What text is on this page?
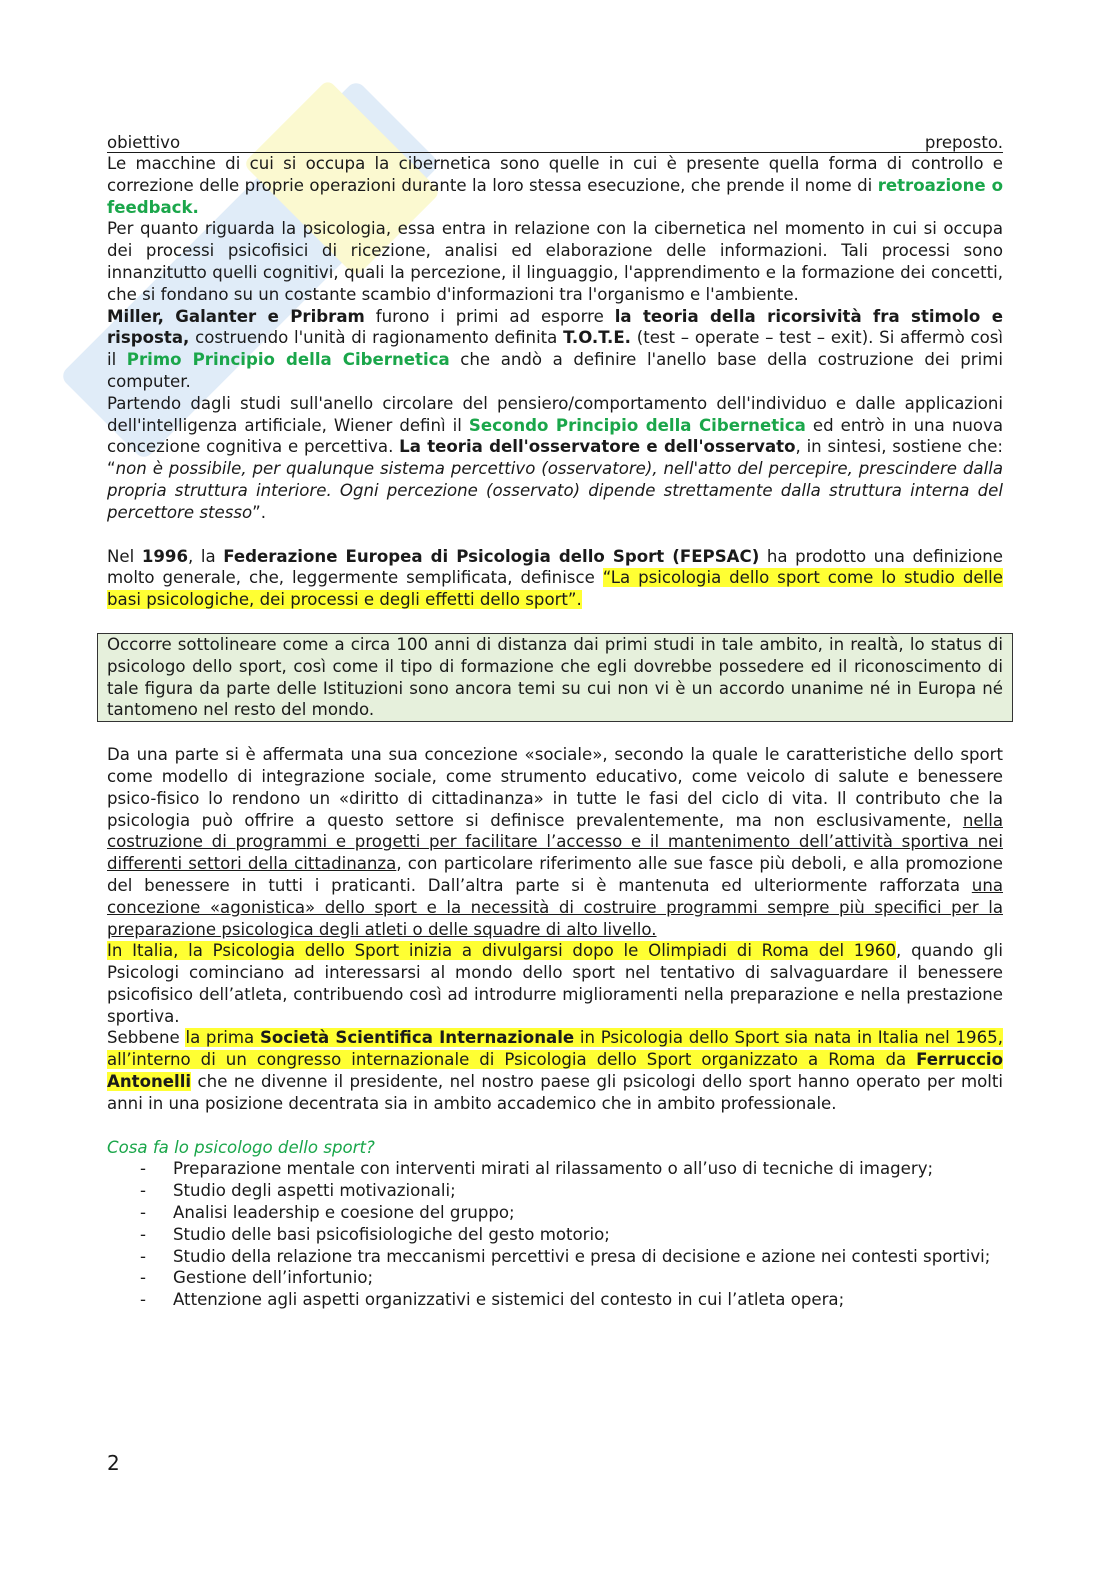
obiettivo	preposto.

Le macchine di cui si occupa la cibernetica sono quelle in cui è presente quella forma di controllo e correzione delle proprie operazioni durante la loro stessa esecuzione, che prende il nome di retroazione o feedback.

Per quanto riguarda la psicologia, essa entra in relazione con la cibernetica nel momento in cui si occupa dei processi psicofisici di ricezione, analisi ed elaborazione delle informazioni. Tali processi sono innanzitutto quelli cognitivi, quali la percezione, il linguaggio, l'apprendimento e la formazione dei concetti, che si fondano su un costante scambio d'informazioni tra l'organismo e l'ambiente.

Miller, Galanter e Pribram furono i primi ad esporre la teoria della ricorsività fra stimolo e risposta, costruendo l'unità di ragionamento definita T.O.T.E. (test – operate – test – exit). Si affermò così il Primo Principio della Cibernetica che andò a definire l'anello base della costruzione dei primi computer.

Partendo dagli studi sull'anello circolare del pensiero/comportamento dell'individuo e dalle applicazioni dell'intelligenza artificiale, Wiener definì il Secondo Principio della Cibernetica ed entrò in una nuova concezione cognitiva e percettiva. La teoria dell'osservatore e dell'osservato, in sintesi, sostiene che: “non è possibile, per qualunque sistema percettivo (osservatore), nell'atto del percepire, prescindere dalla propria struttura interiore. Ogni percezione (osservato) dipende strettamente dalla struttura interna del percettore stesso”.

Nel 1996, la Federazione Europea di Psicologia dello Sport (FEPSAC) ha prodotto una definizione molto generale, che, leggermente semplificata, definisce “La psicologia dello sport come lo studio delle basi psicologiche, dei processi e degli effetti dello sport”.

Occorre sottolineare come a circa 100 anni di distanza dai primi studi in tale ambito, in realtà, lo status di psicologo dello sport, così come il tipo di formazione che egli dovrebbe possedere ed il riconoscimento di tale figura da parte delle Istituzioni sono ancora temi su cui non vi è un accordo unanime né in Europa né tantomeno nel resto del mondo.

Da una parte si è affermata una sua concezione «sociale», secondo la quale le caratteristiche dello sport come modello di integrazione sociale, come strumento educativo, come veicolo di salute e benessere psico-fisico lo rendono un «diritto di cittadinanza» in tutte le fasi del ciclo di vita. Il contributo che la psicologia può offrire a questo settore si definisce prevalentemente, ma non esclusivamente, nella costruzione di programmi e progetti per facilitare l’accesso e il mantenimento dell’attività sportiva nei differenti settori della cittadinanza, con particolare riferimento alle sue fasce più deboli, e alla promozione del benessere in tutti i praticanti. Dall’altra parte si è mantenuta ed ulteriormente rafforzata una concezione «agonistica» dello sport e la necessità di costruire programmi sempre più specifici per la preparazione psicologica degli atleti o delle squadre di alto livello.

In Italia, la Psicologia dello Sport inizia a divulgarsi dopo le Olimpiadi di Roma del 1960, quando gli Psicologi cominciano ad interessarsi al mondo dello sport nel tentativo di salvaguardare il benessere psicofisico dell’atleta, contribuendo così ad introdurre miglioramenti nella preparazione e nella prestazione sportiva.

Sebbene la prima Società Scientifica Internazionale in Psicologia dello Sport sia nata in Italia nel 1965, all’interno di un congresso internazionale di Psicologia dello Sport organizzato a Roma da Ferruccio Antonelli che ne divenne il presidente, nel nostro paese gli psicologi dello sport hanno operato per molti anni in una posizione decentrata sia in ambito accademico che in ambito professionale.

Cosa fa lo psicologo dello sport?

- Preparazione mentale con interventi mirati al rilassamento o all’uso di tecniche di imagery;
- Studio degli aspetti motivazionali;
- Analisi leadership e coesione del gruppo;
- Studio delle basi psicofisiologiche del gesto motorio;
- Studio della relazione tra meccanismi percettivi e presa di decisione e azione nei contesti sportivi;
- Gestione dell’infortunio;
- Attenzione agli aspetti organizzativi e sistemici del contesto in cui l’atleta opera;
2
